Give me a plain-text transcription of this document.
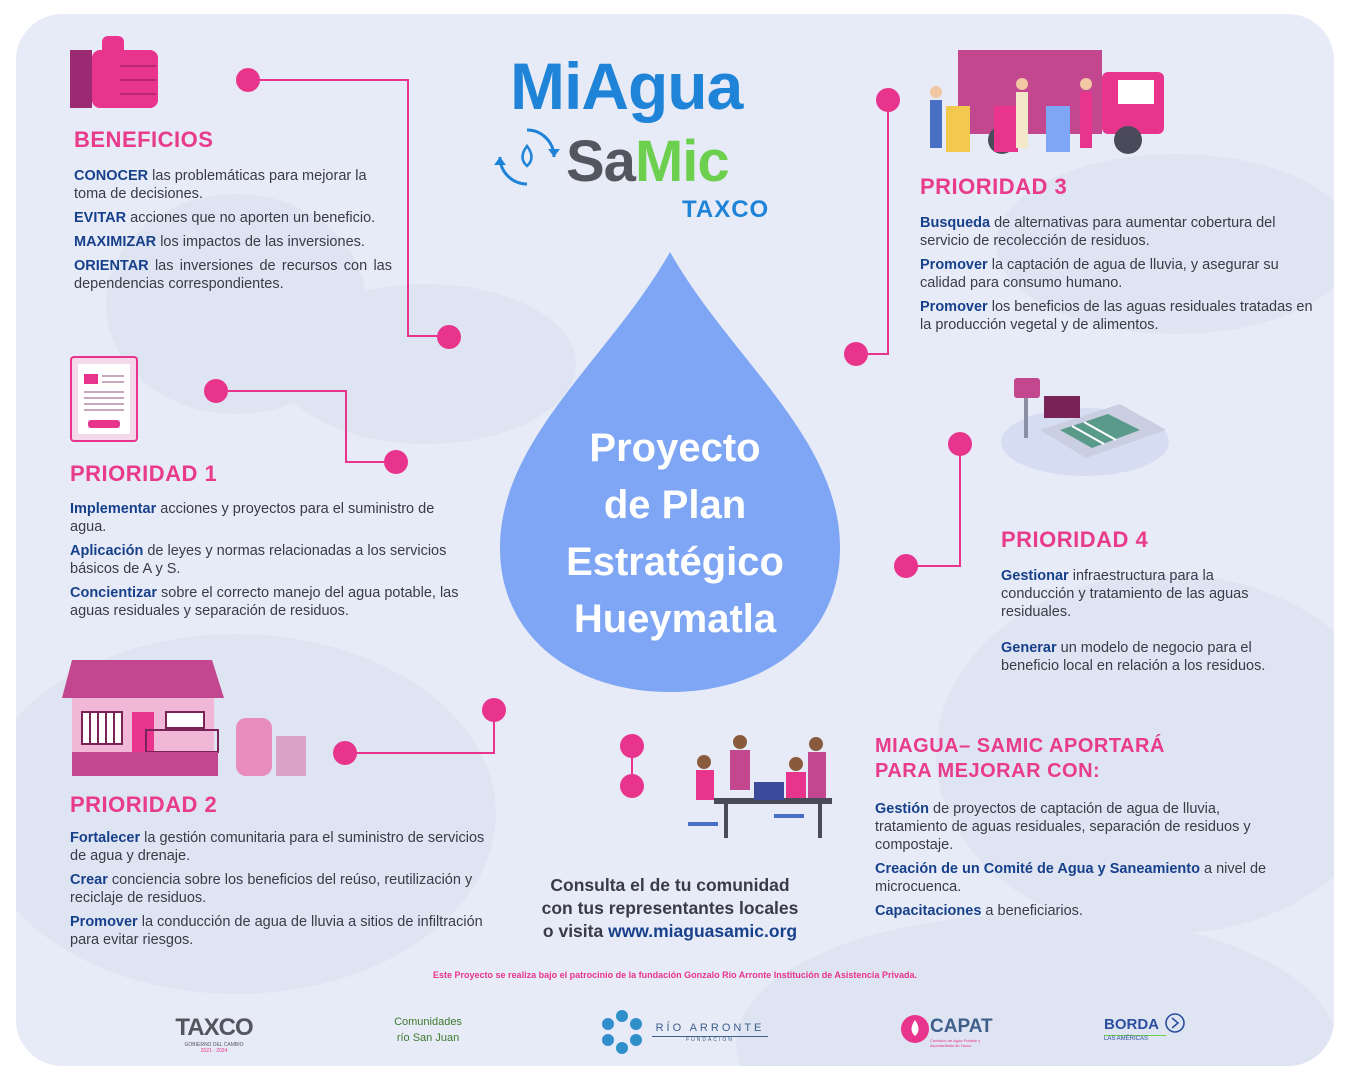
MiAgua
SaMic
TAXCO
Proyecto
de Plan
Estratégico
Hueymatla
BENEFICIOS

CONOCER las problemáticas para mejorar la toma de decisiones.

EVITAR acciones que no aporten un beneficio.

MAXIMIZAR los impactos de las inversiones.

ORIENTAR las inversiones de recursos con las dependencias correspondientes.

PRIORIDAD 1

Implementar acciones y proyectos para el suministro de agua.

Aplicación de leyes y normas relacionadas a los servicios básicos de A y S.

Concientizar sobre el correcto manejo del agua potable, las aguas residuales y separación de residuos.

PRIORIDAD 2

Fortalecer la gestión comunitaria para el suministro de servicios de agua y drenaje.

Crear conciencia sobre los beneficios del reúso, reutilización y reciclaje de residuos.

Promover la conducción de agua de lluvia a sitios de infiltración para evitar riesgos.

PRIORIDAD 3

Busqueda de alternativas para aumentar cobertura del servicio de recolección de residuos.

Promover la captación de agua de lluvia, y asegurar su calidad para consumo humano.

Promover los beneficios de las aguas residuales tratadas en la producción vegetal y de alimentos.

PRIORIDAD 4

Gestionar infraestructura para la conducción y tratamiento de las aguas residuales.

Generar un modelo de negocio para el beneficio local en relación a los residuos.

MIAGUA– SAMIC APORTARÁ
PARA MEJORAR CON:

Gestión de proyectos de captación de agua de lluvia, tratamiento de aguas residuales, separación de residuos y compostaje.

Creación de un Comité de Agua y Saneamiento a nivel de microcuenca.

Capacitaciones a beneficiarios.

Consulta el de tu comunidad
con tus representantes locales
o visita www.miaguasamic.org
Este Proyecto se realiza bajo el patrocinio de la fundación Gonzalo Río Arronte Institución de Asistencia Privada.
TAXCO
GOBIERNO DEL CAMBIO
2021 - 2024
Comunidades
río San Juan
RÍO ARRONTE
FUNDACIÓN
CAPAT
Comisión de Agua Potable y Alcantarillado de Taxco
BORDA
LAS AMÉRICAS
